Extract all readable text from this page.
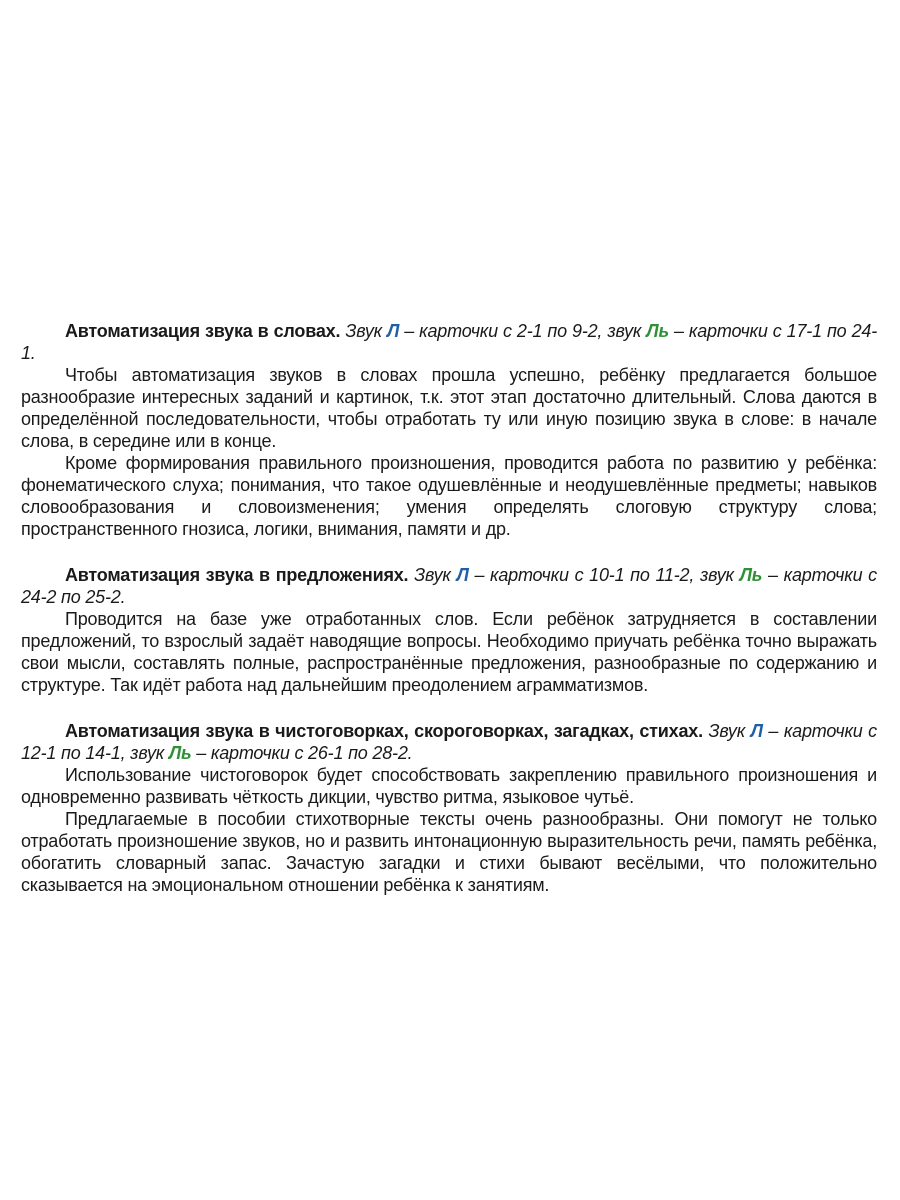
Автоматизация звука в словах. Звук Л – карточки с 2-1 по 9-2, звук Ль – карточки с 17-1 по 24-1.

Чтобы автоматизация звуков в словах прошла успешно, ребёнку предлагается большое разнообразие интересных заданий и картинок, т.к. этот этап достаточно длительный. Слова даются в определённой последовательности, чтобы отработать ту или иную позицию звука в слове: в начале слова, в середине или в конце.

Кроме формирования правильного произношения, проводится работа по развитию у ребёнка: фонематического слуха; понимания, что такое одушевлённые и неодушевлённые предметы; навыков словообразования и словоизменения; умения определять слоговую структуру слова; пространственного гнозиса, логики, внимания, памяти и др.

Автоматизация звука в предложениях. Звук Л – карточки с 10-1 по 11-2, звук Ль – карточки с 24-2 по 25-2.

Проводится на базе уже отработанных слов. Если ребёнок затрудняется в составлении предложений, то взрослый задаёт наводящие вопросы. Необходимо приучать ребёнка точно выражать свои мысли, составлять полные, распространённые предложения, разнообразные по содержанию и структуре. Так идёт работа над дальнейшим преодолением аграмматизмов.

Автоматизация звука в чистоговорках, скороговорках, загадках, стихах. Звук Л – карточки с 12-1 по 14-1, звук Ль – карточки с 26-1 по 28-2.

Использование чистоговорок будет способствовать закреплению правильного произношения и одновременно развивать чёткость дикции, чувство ритма, языковое чутьё.

Предлагаемые в пособии стихотворные тексты очень разнообразны. Они помогут не только отработать произношение звуков, но и развить интонационную выразительность речи, память ребёнка, обогатить словарный запас. Зачастую загадки и стихи бывают весёлыми, что положительно сказывается на эмоциональном отношении ребёнка к занятиям.
